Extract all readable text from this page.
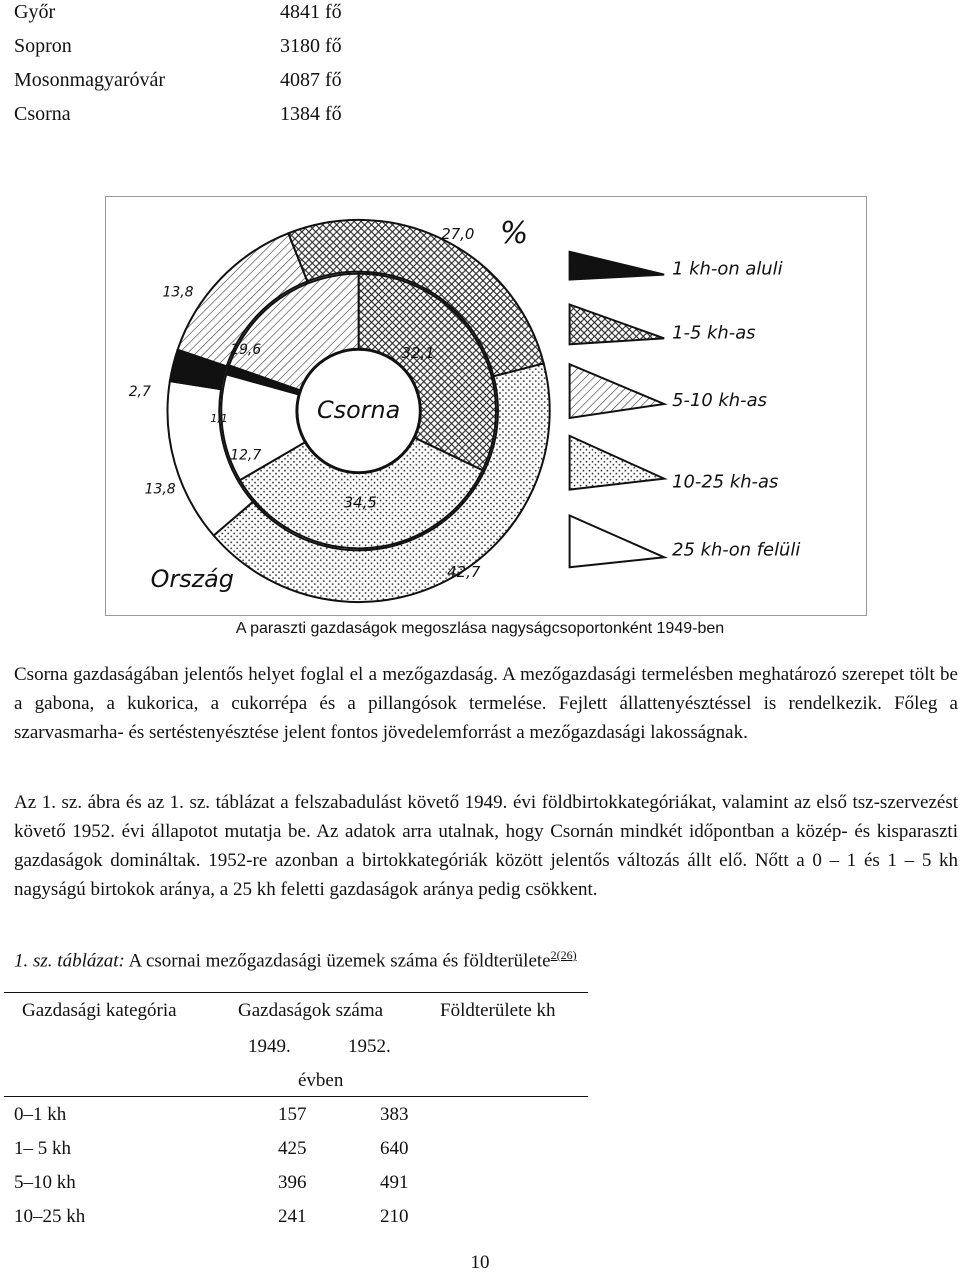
Győr	4841 fő
Sopron	3180 fő
Mosonmagyaróvár	4087 fő
Csorna	1384 fő
Csorna
27,0 %
13,8
19,6	32,1
2,7
1,1
12,7
13,8
34,5
42,7
Ország
1 kh-on aluli
1-5 kh-as
5-10 kh-as
10-25 kh-as
25 kh-on felüli
A paraszti gazdaságok megoszlása nagyságcsoportonként 1949-ben
Csorna gazdaságában jelentős helyet foglal el a mezőgazdaság. A mezőgazdasági termelésben meghatározó szerepet tölt be a gabona, a kukorica, a cukorrépa és a pillangósok termelése. Fejlett állattenyésztéssel is rendelkezik. Főleg a szarvasmarha- és sertéstenyésztése jelent fontos jövedelemforrást a mezőgazdasági lakosságnak.
Az 1. sz. ábra és az 1. sz. táblázat a felszabadulást követő 1949. évi földbirtokkategóriákat, valamint az első tsz-szervezést követő 1952. évi állapotot mutatja be. Az adatok arra utalnak, hogy Csornán mindkét időpontban a közép- és kisparaszti gazdaságok domináltak. 1952-re azonban a birtokkategóriák között jelentős változás állt elő. Nőtt a 0 – 1 és 1 – 5 kh nagyságú birtokok aránya, a 25 kh feletti gazdaságok aránya pedig csökkent.
1. sz. táblázat: A csornai mezőgazdasági üzemek száma és földterülete$^{2(26)}$
Gazdasági kategória	Gazdaságok száma	Földterülete kh
1949.	1952.
évben
0–1 kh	157	383
1– 5 kh	425	640
5–10 kh	396	491
10–25 kh	241	210
10
